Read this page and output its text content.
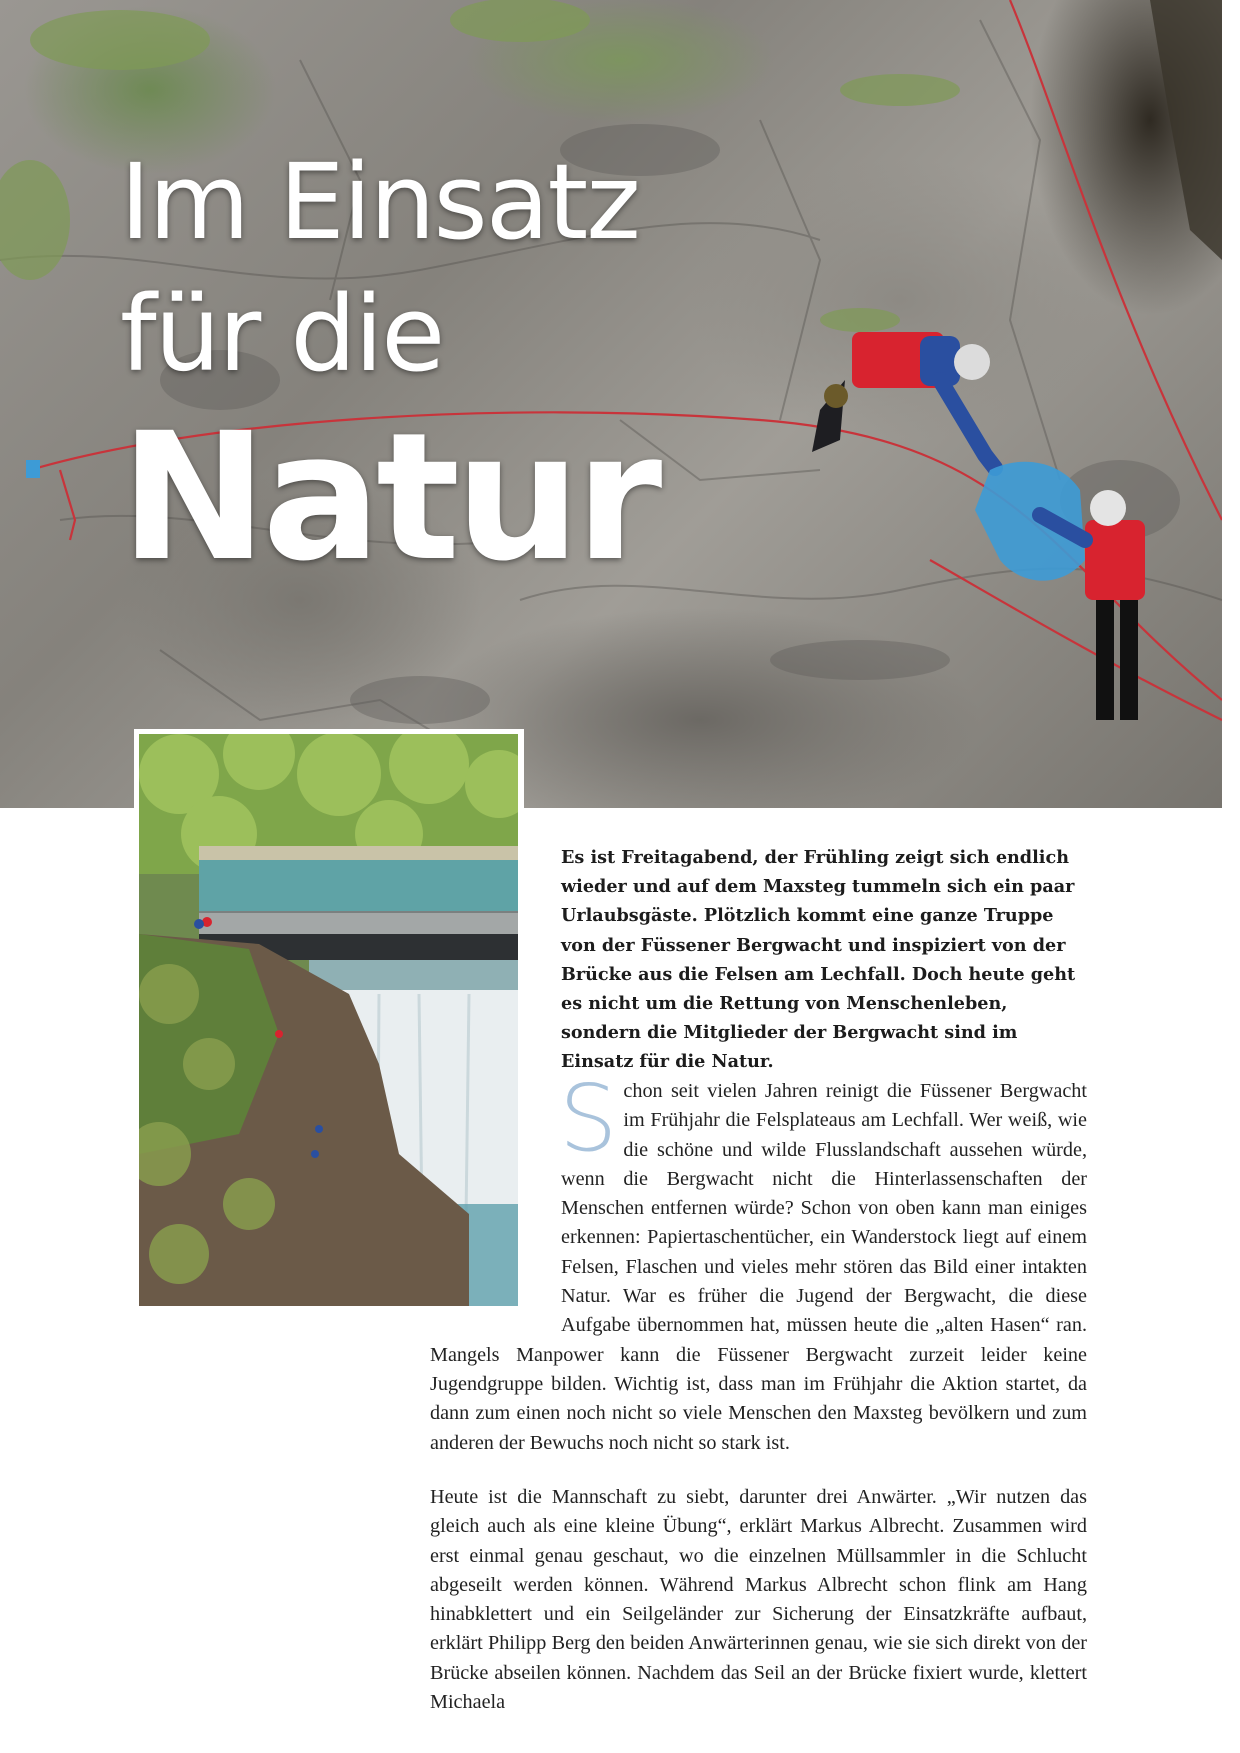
Im Einsatz
für die
Natur

Es ist Freitagabend, der Frühling zeigt sich endlich wieder und auf dem Maxsteg tummeln sich ein paar Urlaubsgäste. Plötzlich kommt eine ganze Truppe von der Füssener Bergwacht und inspiziert von der Brücke aus die Felsen am Lechfall. Doch heute geht es nicht um die Rettung von Menschenleben, sondern die Mitglieder der Bergwacht sind im Einsatz für die Natur.

Schon seit vielen Jahren reinigt die Füssener Bergwacht im Frühjahr die Felsplateaus am Lechfall. Wer weiß, wie die schöne und wilde Flusslandschaft aussehen würde, wenn die Bergwacht nicht die Hinterlassenschaften der Menschen entfernen würde? Schon von oben kann man einiges erkennen: Papiertaschentücher, ein Wanderstock liegt auf einem Felsen, Flaschen und vieles mehr stören das Bild einer intakten Natur. War es früher die Jugend der Bergwacht, die diese Aufgabe übernommen hat, müssen heute die „alten Hasen“ ran. Mangels Manpower kann die Füssener Bergwacht zurzeit leider keine Jugendgruppe bilden. Wichtig ist, dass man im Frühjahr die Aktion startet, da dann zum einen noch nicht so viele Menschen den Maxsteg bevölkern und zum anderen der Bewuchs noch nicht so stark ist.

Heute ist die Mannschaft zu siebt, darunter drei Anwärter. „Wir nutzen das gleich auch als eine kleine Übung“, erklärt Markus Albrecht. Zusammen wird erst einmal genau geschaut, wo die einzelnen Müllsammler in die Schlucht abgeseilt werden können. Während Markus Albrecht schon flink am Hang hinabklettert und ein Seilgeländer zur Sicherung der Einsatzkräfte aufbaut, erklärt Philipp Berg den beiden Anwärterinnen genau, wie sie sich direkt von der Brücke abseilen können. Nachdem das Seil an der Brücke fixiert wurde, klettert Michaela
